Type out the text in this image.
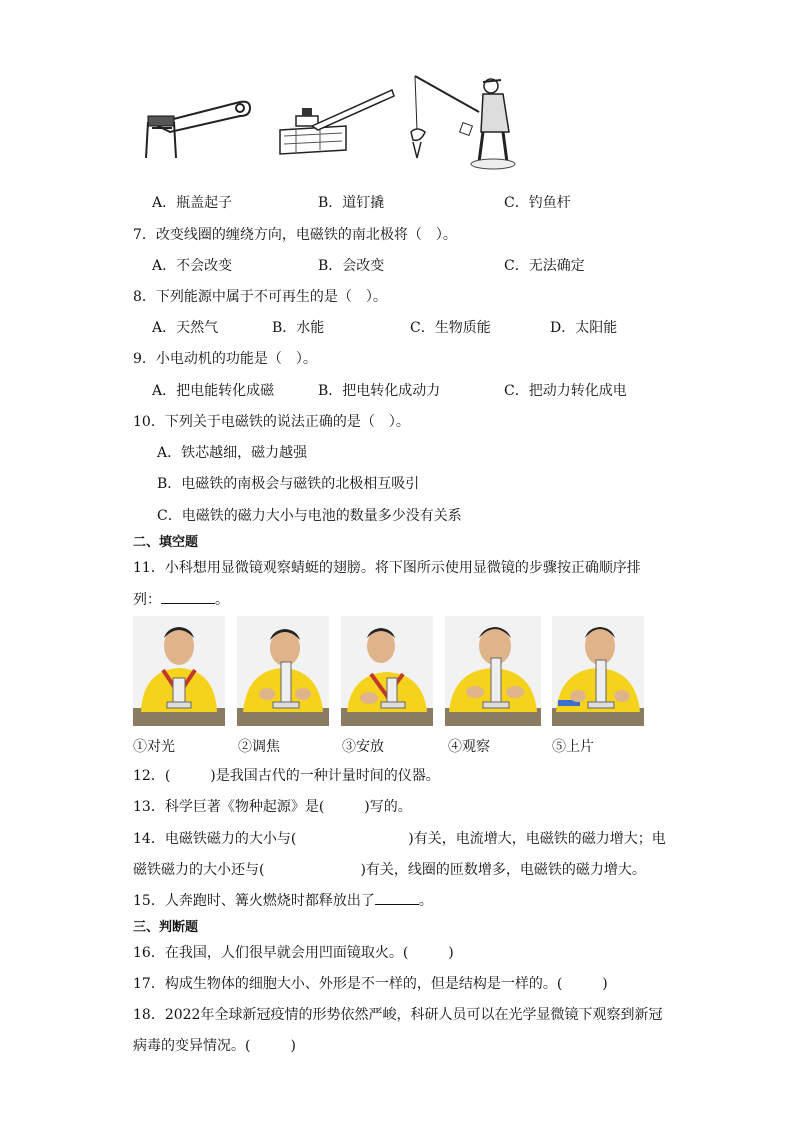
A．瓶盖起子	B．道钉撬	C．钓鱼杆
7．改变线圈的缠绕方向，电磁铁的南北极将（　）。
A．不会改变	B．会改变	C．无法确定
8．下列能源中属于不可再生的是（　）。
A．天然气	B．水能	C．生物质能	D．太阳能
9．小电动机的功能是（　）。
A．把电能转化成磁	B．把电转化成动力	C．把动力转化成电
10．下列关于电磁铁的说法正确的是（　）。
A．铁芯越细，磁力越强
B．电磁铁的南极会与磁铁的北极相互吸引
C．电磁铁的磁力大小与电池的数量多少没有关系
二、填空题
11．小科想用显微镜观察蜻蜓的翅膀。将下图所示使用显微镜的步骤按正确顺序排
列：	。
①对光	②调焦	③安放	④观察	⑤上片
12．(	)是我国古代的一种计量时间的仪器。
13．科学巨著《物种起源》是(	)写的。
14．电磁铁磁力的大小与(	)有关，电流增大，电磁铁的磁力增大；电
磁铁磁力的大小还与(	)有关，线圈的匝数增多，电磁铁的磁力增大。
15．人奔跑时、篝火燃烧时都释放出了	。
三、判断题
16．在我国，人们很早就会用凹面镜取火。(	)
17．构成生物体的细胞大小、外形是不一样的，但是结构是一样的。(	)
18．2022年全球新冠疫情的形势依然严峻，科研人员可以在光学显微镜下观察到新冠
病毒的变异情况。(	)
